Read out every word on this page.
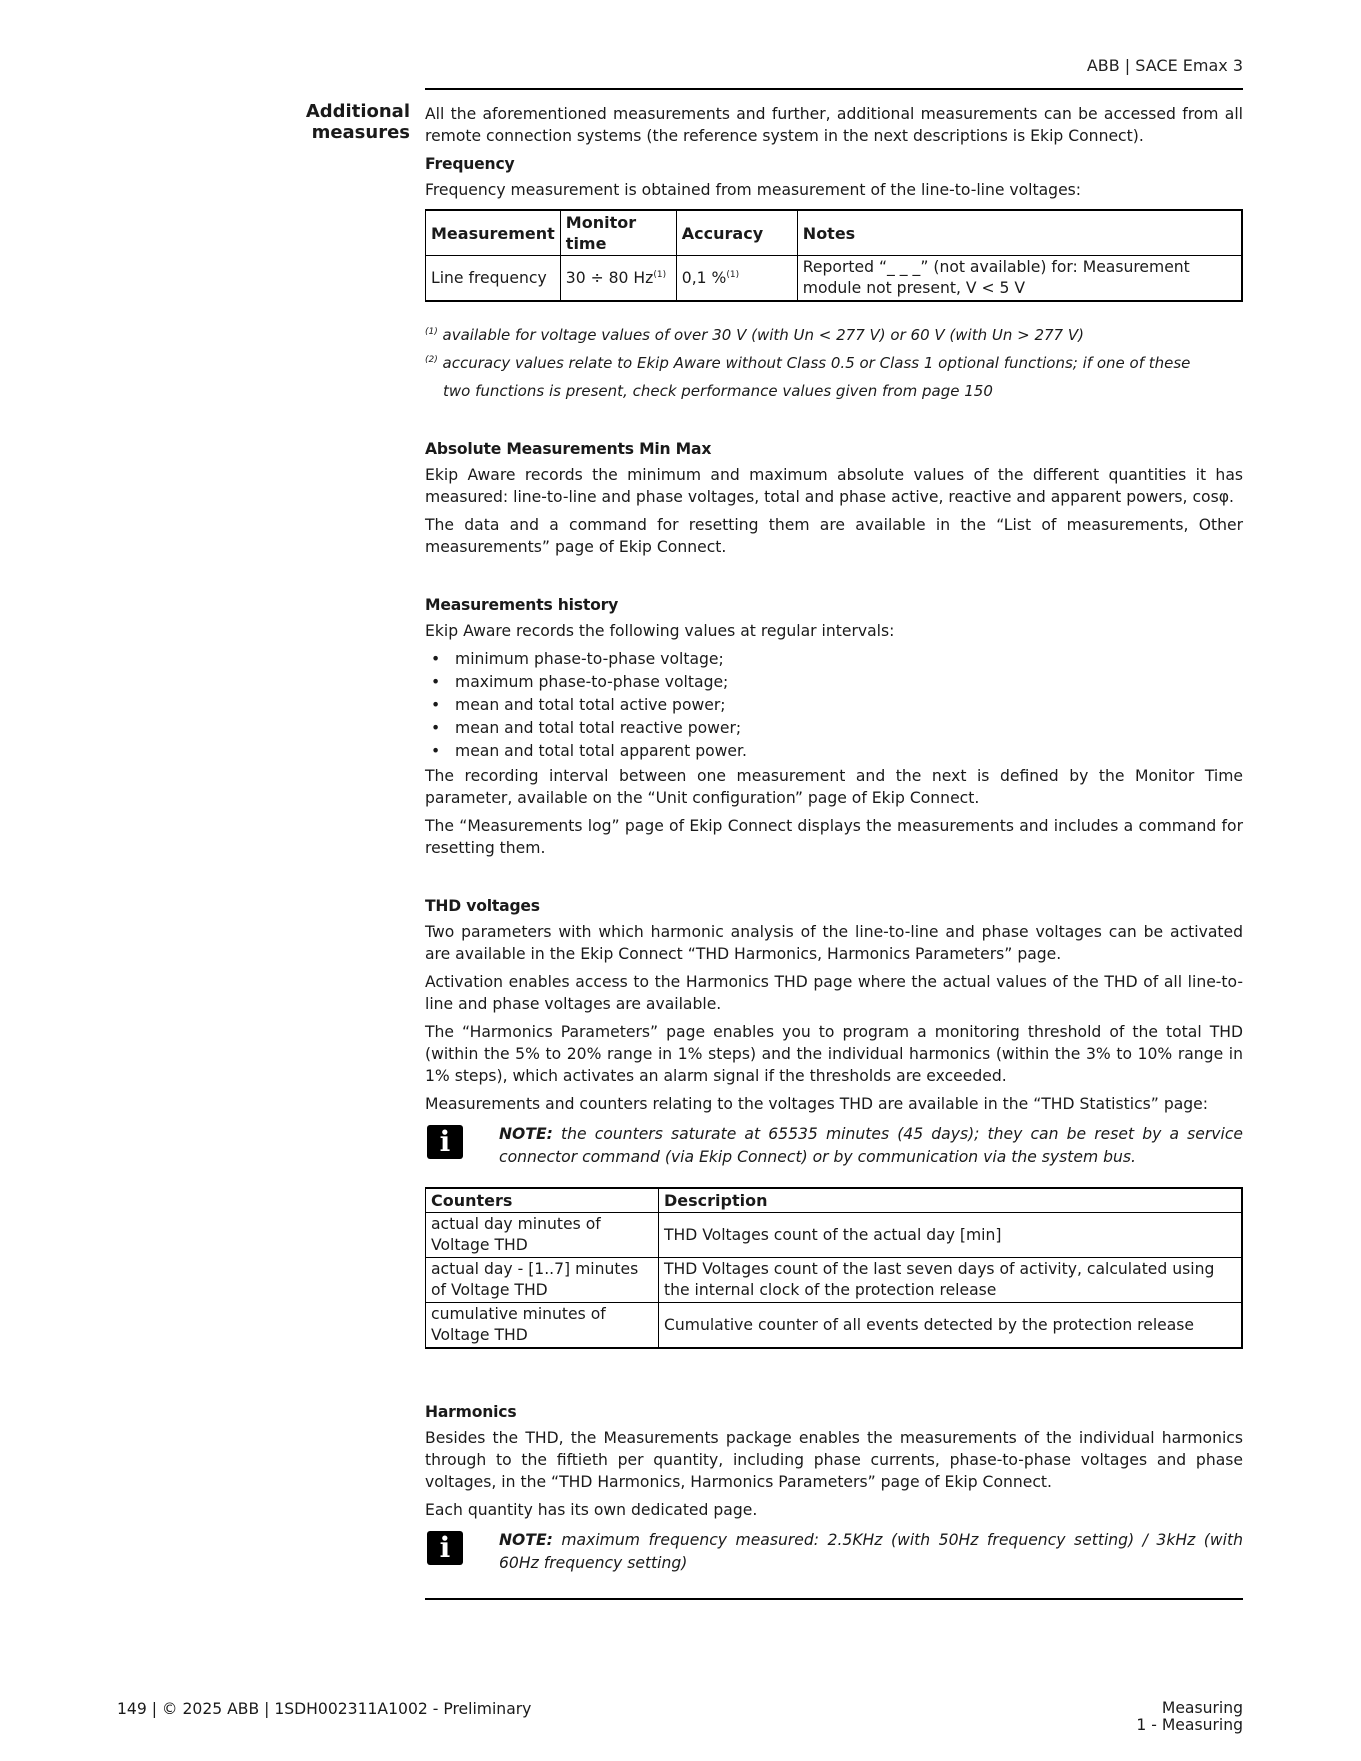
ABB | SACE Emax 3
Additional measures

All the aforementioned measurements and further, additional measurements can be accessed from all remote connection systems (the reference system in the next descriptions is Ekip Connect).

Frequency

Frequency measurement is obtained from measurement of the line-to-line voltages:

Measurement	Monitor time	Accuracy	Notes
Line frequency	30 ÷ 80 Hz$^{(1)}$	0,1 %$^{(1)}$	Reported “_ _ _” (not available) for: Measurement module not present, V < 5 V

$^{(1)}$ available for voltage values of over 30 V (with Un < 277 V) or 60 V (with Un > 277 V)

$^{(2)}$ accuracy values relate to Ekip Aware without Class 0.5 or Class 1 optional functions; if one of these

two functions is present, check performance values given from page 150

Absolute Measurements Min Max

Ekip Aware records the minimum and maximum absolute values of the different quantities it has measured: line-to-line and phase voltages, total and phase active, reactive and apparent powers, cosφ.

The data and a command for resetting them are available in the “List of measurements, Other measurements” page of Ekip Connect.

Measurements history

Ekip Aware records the following values at regular intervals:

• minimum phase-to-phase voltage;
• maximum phase-to-phase voltage;
• mean and total total active power;
• mean and total total reactive power;
• mean and total total apparent power.

The recording interval between one measurement and the next is defined by the Monitor Time parameter, available on the “Unit configuration” page of Ekip Connect.

The “Measurements log” page of Ekip Connect displays the measurements and includes a command for resetting them.

THD voltages

Two parameters with which harmonic analysis of the line-to-line and phase voltages can be activated are available in the Ekip Connect “THD Harmonics, Harmonics Parameters” page.

Activation enables access to the Harmonics THD page where the actual values of the THD of all line-to-line and phase voltages are available.

The “Harmonics Parameters” page enables you to program a monitoring threshold of the total THD (within the 5% to 20% range in 1% steps) and the individual harmonics (within the 3% to 10% range in 1% steps), which activates an alarm signal if the thresholds are exceeded.

Measurements and counters relating to the voltages THD are available in the “THD Statistics” page:

i	NOTE: the counters saturate at 65535 minutes (45 days); they can be reset by a service connector command (via Ekip Connect) or by communication via the system bus.
Counters	Description
actual day minutes of Voltage THD	THD Voltages count of the actual day [min]
actual day - [1..7] minutes of Voltage THD	THD Voltages count of the last seven days of activity, calculated using the internal clock of the protection release
cumulative minutes of Voltage THD	Cumulative counter of all events detected by the protection release
Harmonics

Besides the THD, the Measurements package enables the measurements of the individual harmonics through to the fiftieth per quantity, including phase currents, phase-to-phase voltages and phase voltages, in the “THD Harmonics, Harmonics Parameters” page of Ekip Connect.

Each quantity has its own dedicated page.

i	NOTE: maximum frequency measured: 2.5KHz (with 50Hz frequency setting) / 3kHz (with 60Hz frequency setting)
149 | © 2025 ABB | 1SDH002311A1002 - Preliminary	Measuring
1 - Measuring
